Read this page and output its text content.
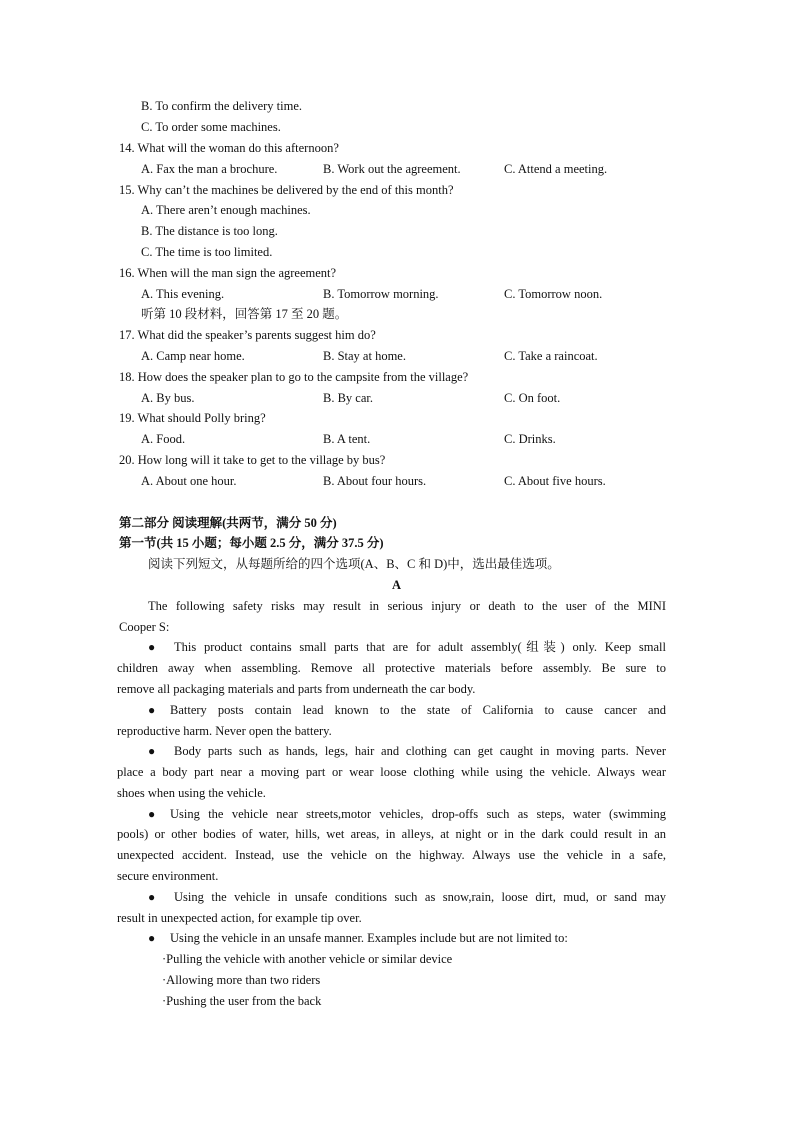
B. To confirm the delivery time.
C. To order some machines.
14. What will the woman do this afternoon?
A. Fax the man a brochure.	B. Work out the agreement.	C. Attend a meeting.
15. Why can’t the machines be delivered by the end of this month?
A. There aren’t enough machines.
B. The distance is too long.
C. The time is too limited.
16. When will the man sign the agreement?
A. This evening.	B. Tomorrow morning.	C. Tomorrow noon.
听第 10 段材料，回答第 17 至 20 题。
17. What did the speaker’s parents suggest him do?
A. Camp near home.	B. Stay at home.	C. Take a raincoat.
18. How does the speaker plan to go to the campsite from the village?
A. By bus.	B. By car.	C. On foot.
19. What should Polly bring?
A. Food.	B. A tent.	C. Drinks.
20. How long will it take to get to the village by bus?
A. About one hour.	B. About four hours.	C. About five hours.
第二部分 阅读理解(共两节，满分 50 分)
第一节(共 15 小题；每小题 2.5 分，满分 37.5 分)
阅读下列短文，从每题所给的四个选项(A、B、C 和 D)中，选出最佳选项。
A
The following safety risks may result in serious injury or death to the user of the MINI
Cooper S:
● This product contains small parts that are for adult assembly(组装) only. Keep small
children away when assembling. Remove all protective materials before assembly. Be sure to
remove all packaging materials and parts from underneath the car body.
● Battery posts contain lead known to the state of California to cause cancer and
reproductive harm. Never open the battery.
● Body parts such as hands, legs, hair and clothing can get caught in moving parts. Never
place a body part near a moving part or wear loose clothing while using the vehicle. Always wear
shoes when using the vehicle.
● Using the vehicle near streets,motor vehicles, drop-offs such as steps, water (swimming
pools) or other bodies of water, hills, wet areas, in alleys, at night or in the dark could result in an
unexpected accident. Instead, use the vehicle on the highway. Always use the vehicle in a safe,
secure environment.
● Using the vehicle in unsafe conditions such as snow,rain, loose dirt, mud, or sand may
result in unexpected action, for example tip over.
● Using the vehicle in an unsafe manner. Examples include but are not limited to:
·Pulling the vehicle with another vehicle or similar device
·Allowing more than two riders
·Pushing the user from the back
